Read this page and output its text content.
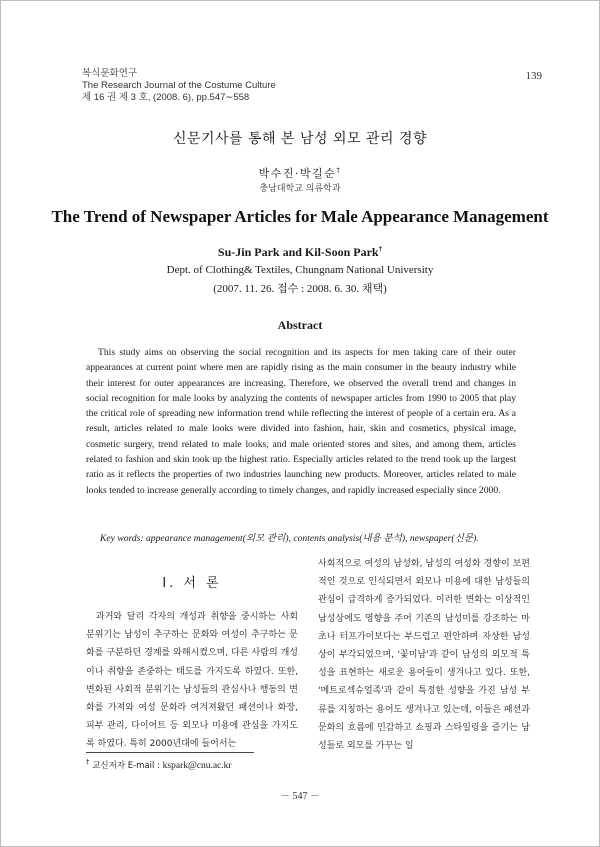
복식문화연구
The Research Journal of the Costume Culture
제 16 권 제 3 호, (2008. 6), pp.547∼558
139
신문기사를 통해 본 남성 외모 관리 경향
박수진·박길순†
충남대학교 의류학과
The Trend of Newspaper Articles for Male Appearance Management
Su-Jin Park and Kil-Soon Park†
Dept. of Clothing& Textiles, Chungnam National University
(2007. 11. 26. 접수 : 2008. 6. 30. 채택)
Abstract

This study aims on observing the social recognition and its aspects for men taking care of their outer appearances at current point where men are rapidly rising as the main consumer in the beauty industry while their interest for outer appearances are increasing. Therefore, we observed the overall trend and changes in social recognition for male looks by analyzing the contents of newspaper articles from 1990 to 2005 that play the critical role of spreading new information trend while reflecting the interest of people of a certain era. As a result, articles related to male looks were divided into fashion, hair, skin and cosmetics, physical image, cosmetic surgery, trend related to male looks, and male oriented stores and sites, and among them, articles related to fashion and skin took up the highest ratio. Especially articles related to the trend took up the largest ratio as it reflects the properties of two industries launching new products. Moreover, articles related to male looks tended to increase generally according to timely changes, and rapidly increased especially since 2000.

Key words: appearance management(외모 관리), contents analysis(내용 분석), newspaper(신문).
Ⅰ. 서 론

과거와 달리 각자의 개성과 취향을 중시하는 사회 분위기는 남성이 추구하는 문화와 여성이 추구하는 문화를 구분하던 경계를 와해시켰으며, 다른 사람의 개성이나 취향을 존중하는 태도를 가지도록 하였다. 또한, 변화된 사회적 분위기는 남성들의 관심사나 행동의 변화를 가져와 여성 문화라 여겨져왔던 패션이나 화장, 피부 관리, 다이어트 등 외모나 미용에 관심을 가지도록 하였다. 특히 2000년대에 들어서는

사회적으로 여성의 남성화, 남성의 여성화 경향이 보편적인 것으로 인식되면서 외모나 미용에 대한 남성들의 관심이 급격하게 증가되었다. 이러한 변화는 이상적인 남성상에도 영향을 주어 기존의 남성미를 강조하는 마초나 터프가이보다는 부드럽고 편안하며 자상한 남성상이 부각되었으며, '꽃미남'과 같이 남성의 외모적 특성을 표현하는 새로운 용어들이 생겨나고 있다. 또한, '메트로섹슈얼족'과 같이 특정한 성향을 가진 남성 부류를 지칭하는 용어도 생겨나고 있는데, 이들은 패션과 문화의 흐름에 민감하고 쇼핑과 스타일링을 즐기는 남성들로 외모를 가꾸는 일

† 교신저자 E-mail : kspark@cnu.ac.kr
－ 547 －
